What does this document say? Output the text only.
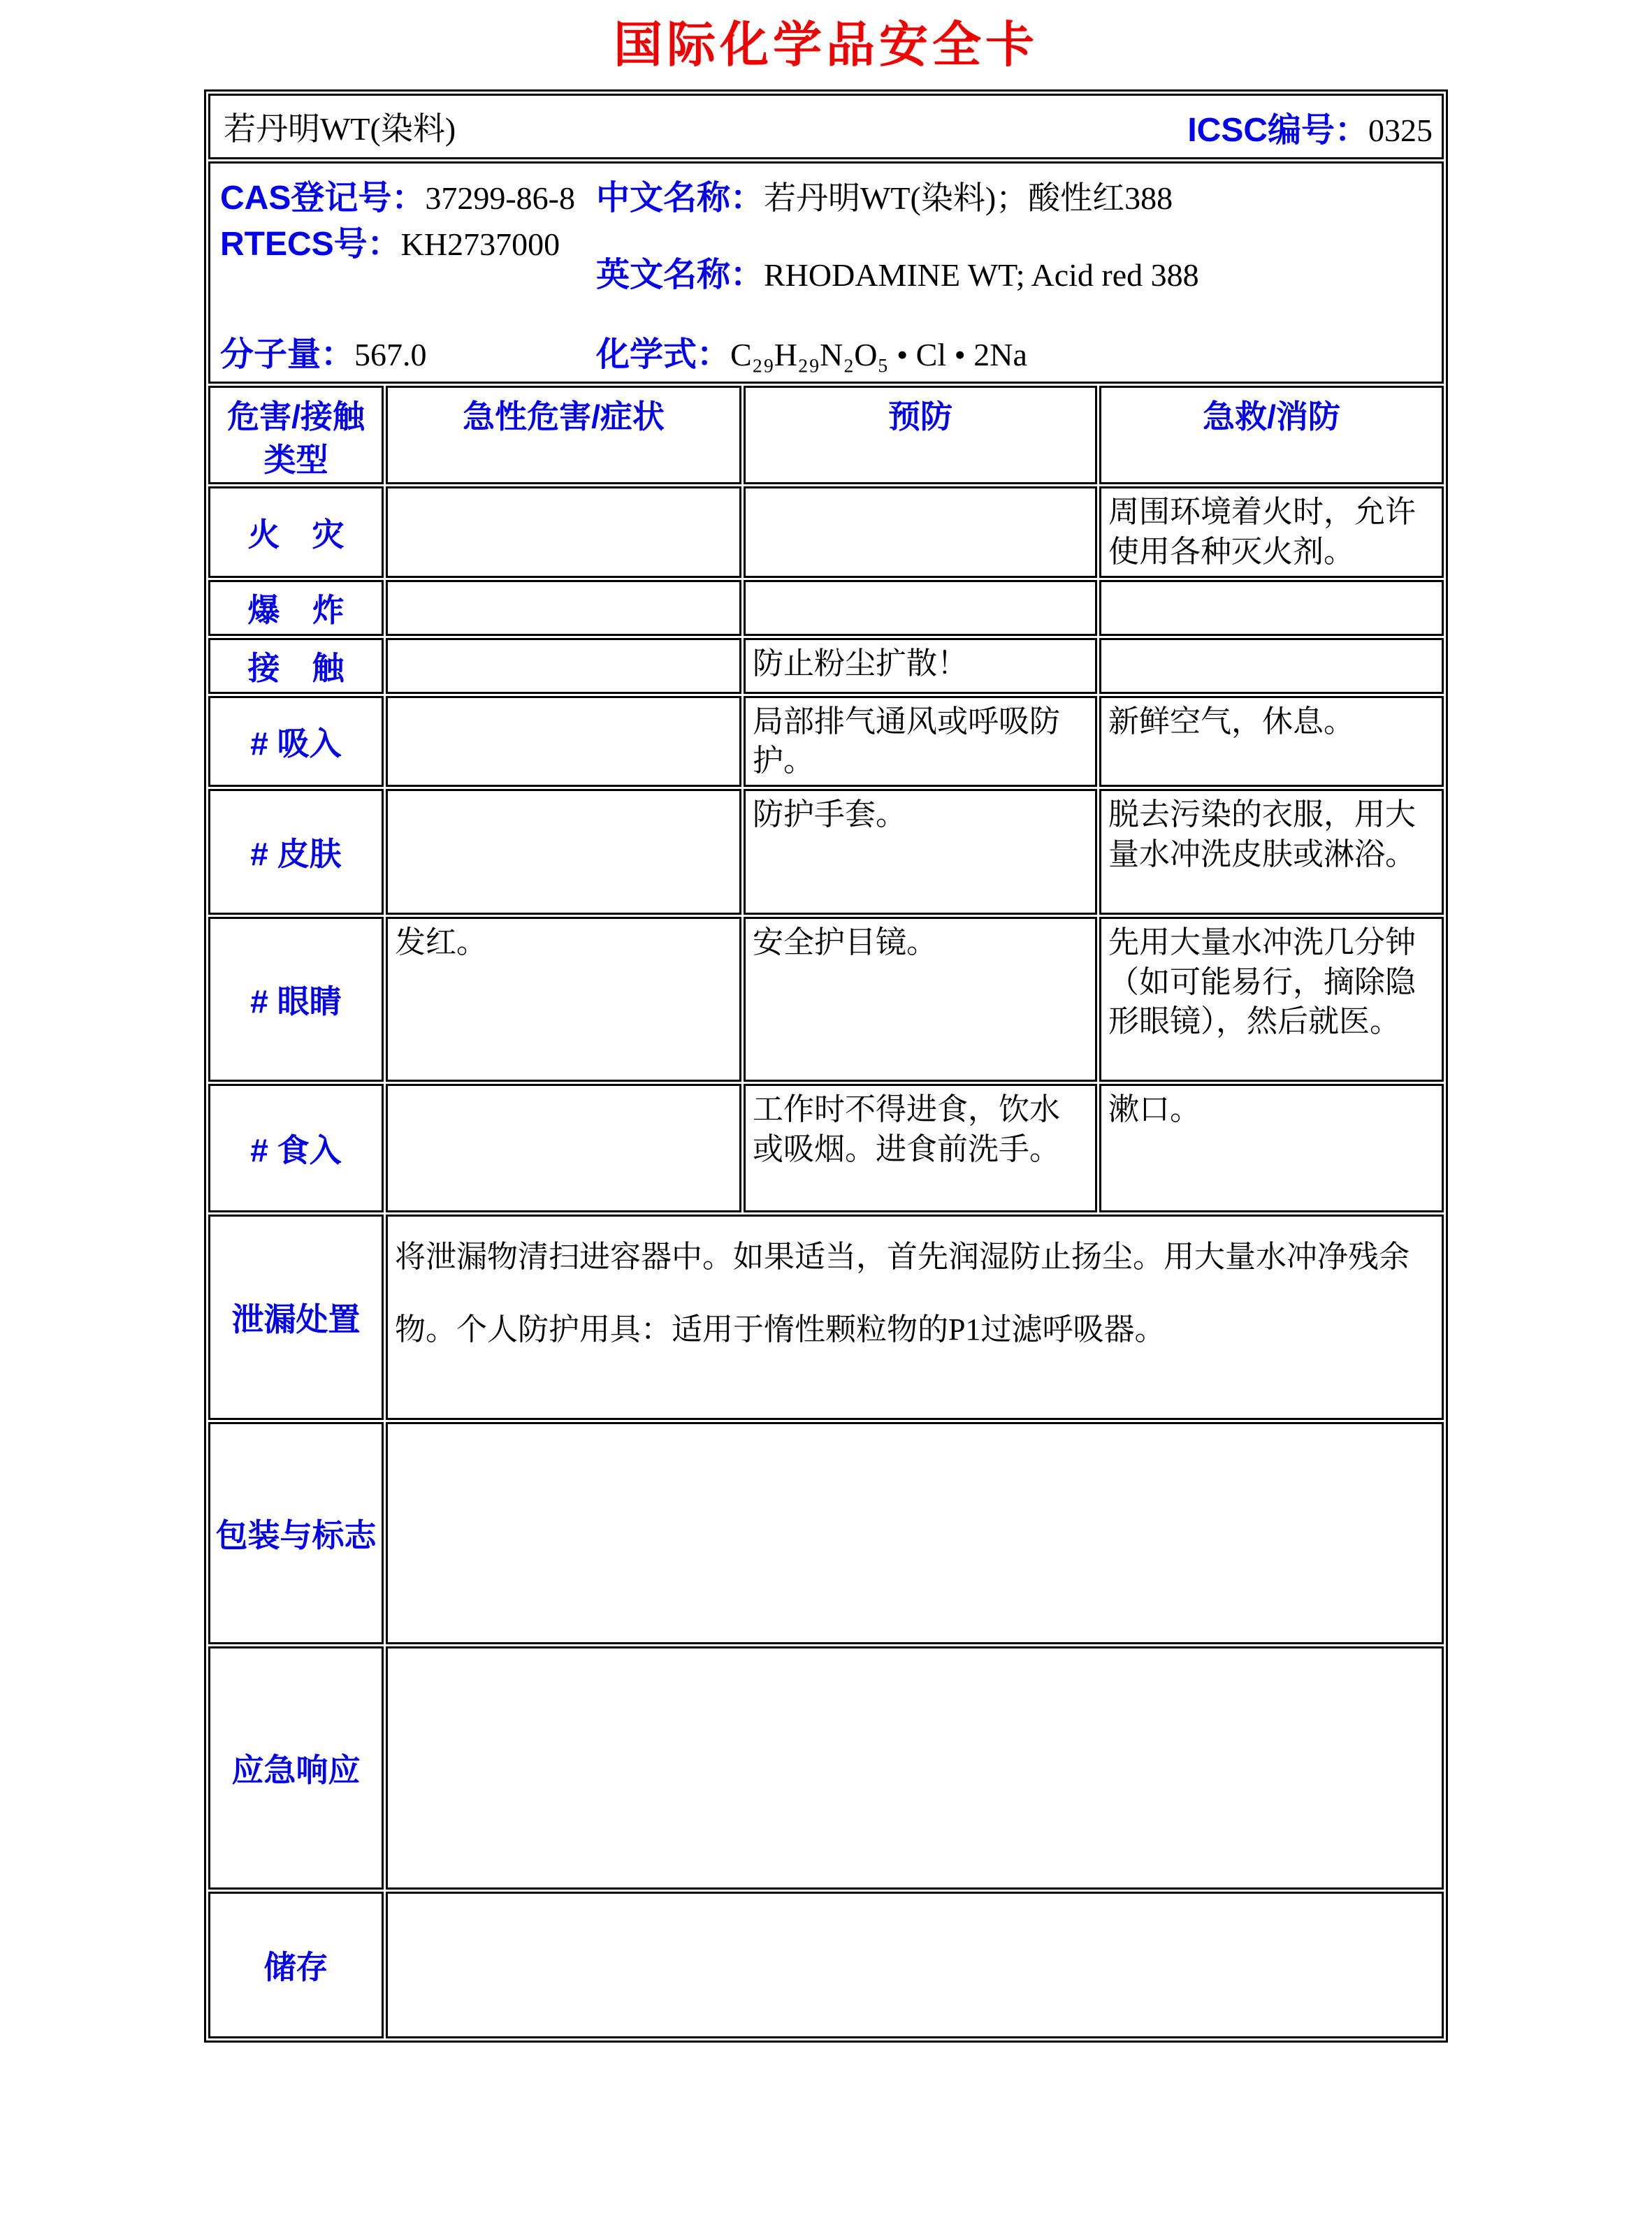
国际化学品安全卡
若丹明WT(染料) ICSC编号：0325			

CAS登记号：37299-86-8
RTECS号：KH2737000
分子量：567.0
中文名称：若丹明WT(染料)；酸性红388
英文名称：RHODAMINE WT; Acid red 388
化学式：C₂₉H₂₉N₂O₅ • Cl • 2Na

危害/接触
类型	急性危害/症状	预防	急救/消防
火　灾			周围环境着火时，允许使用各种灭火剂。
爆　炸			
接　触		防止粉尘扩散！	
# 吸入		局部排气通风或呼吸防护。	新鲜空气，休息。
# 皮肤		防护手套。	脱去污染的衣服，用大量水冲洗皮肤或淋浴。
# 眼睛	发红。	安全护目镜。	先用大量水冲洗几分钟（如可能易行，摘除隐形眼镜），然后就医。
# 食入		工作时不得进食，饮水或吸烟。进食前洗手。	漱口。
泄漏处置	将泄漏物清扫进容器中。如果适当，首先润湿防止扬尘。用大量水冲净残余物。个人防护用具：适用于惰性颗粒物的P1过滤呼吸器。		
包装与标志			
应急响应			
储存			
